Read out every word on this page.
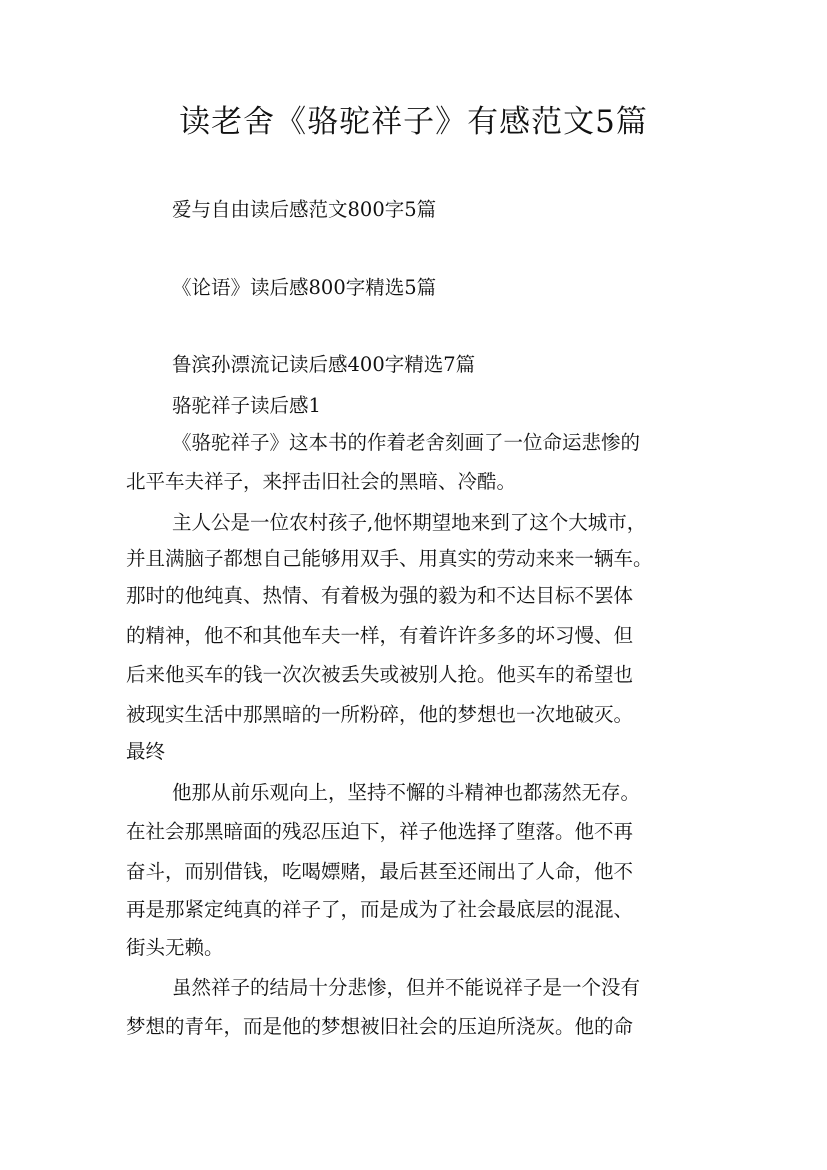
读老舍《骆驼祥子》有感范文5篇

爱与自由读后感范文800字5篇

《论语》读后感800字精选5篇

鲁滨孙漂流记读后感400字精选7篇

骆驼祥子读后感1

《骆驼祥子》这本书的作着老舍刻画了一位命运悲惨的

北平车夫祥子，来抨击旧社会的黑暗、冷酷。

主人公是一位农村孩子,他怀期望地来到了这个大城市，

并且满脑子都想自己能够用双手、用真实的劳动来来一辆车。

那时的他纯真、热情、有着极为强的毅为和不达目标不罢体

的精神，他不和其他车夫一样，有着许许多多的坏习慢、但

后来他买车的钱一次次被丢失或被别人抢。他买车的希望也

被现实生活中那黑暗的一所粉碎，他的梦想也一次地破灭。

最终

他那从前乐观向上，坚持不懈的斗精神也都荡然无存。

在社会那黑暗面的残忍压迫下，祥子他选择了堕落。他不再

奋斗，而别借钱，吃喝嫖赌，最后甚至还闹出了人命，他不

再是那紧定纯真的祥子了，而是成为了社会最底层的混混、

街头无赖。

虽然祥子的结局十分悲惨，但并不能说祥子是一个没有

梦想的青年，而是他的梦想被旧社会的压迫所浇灰。他的命
